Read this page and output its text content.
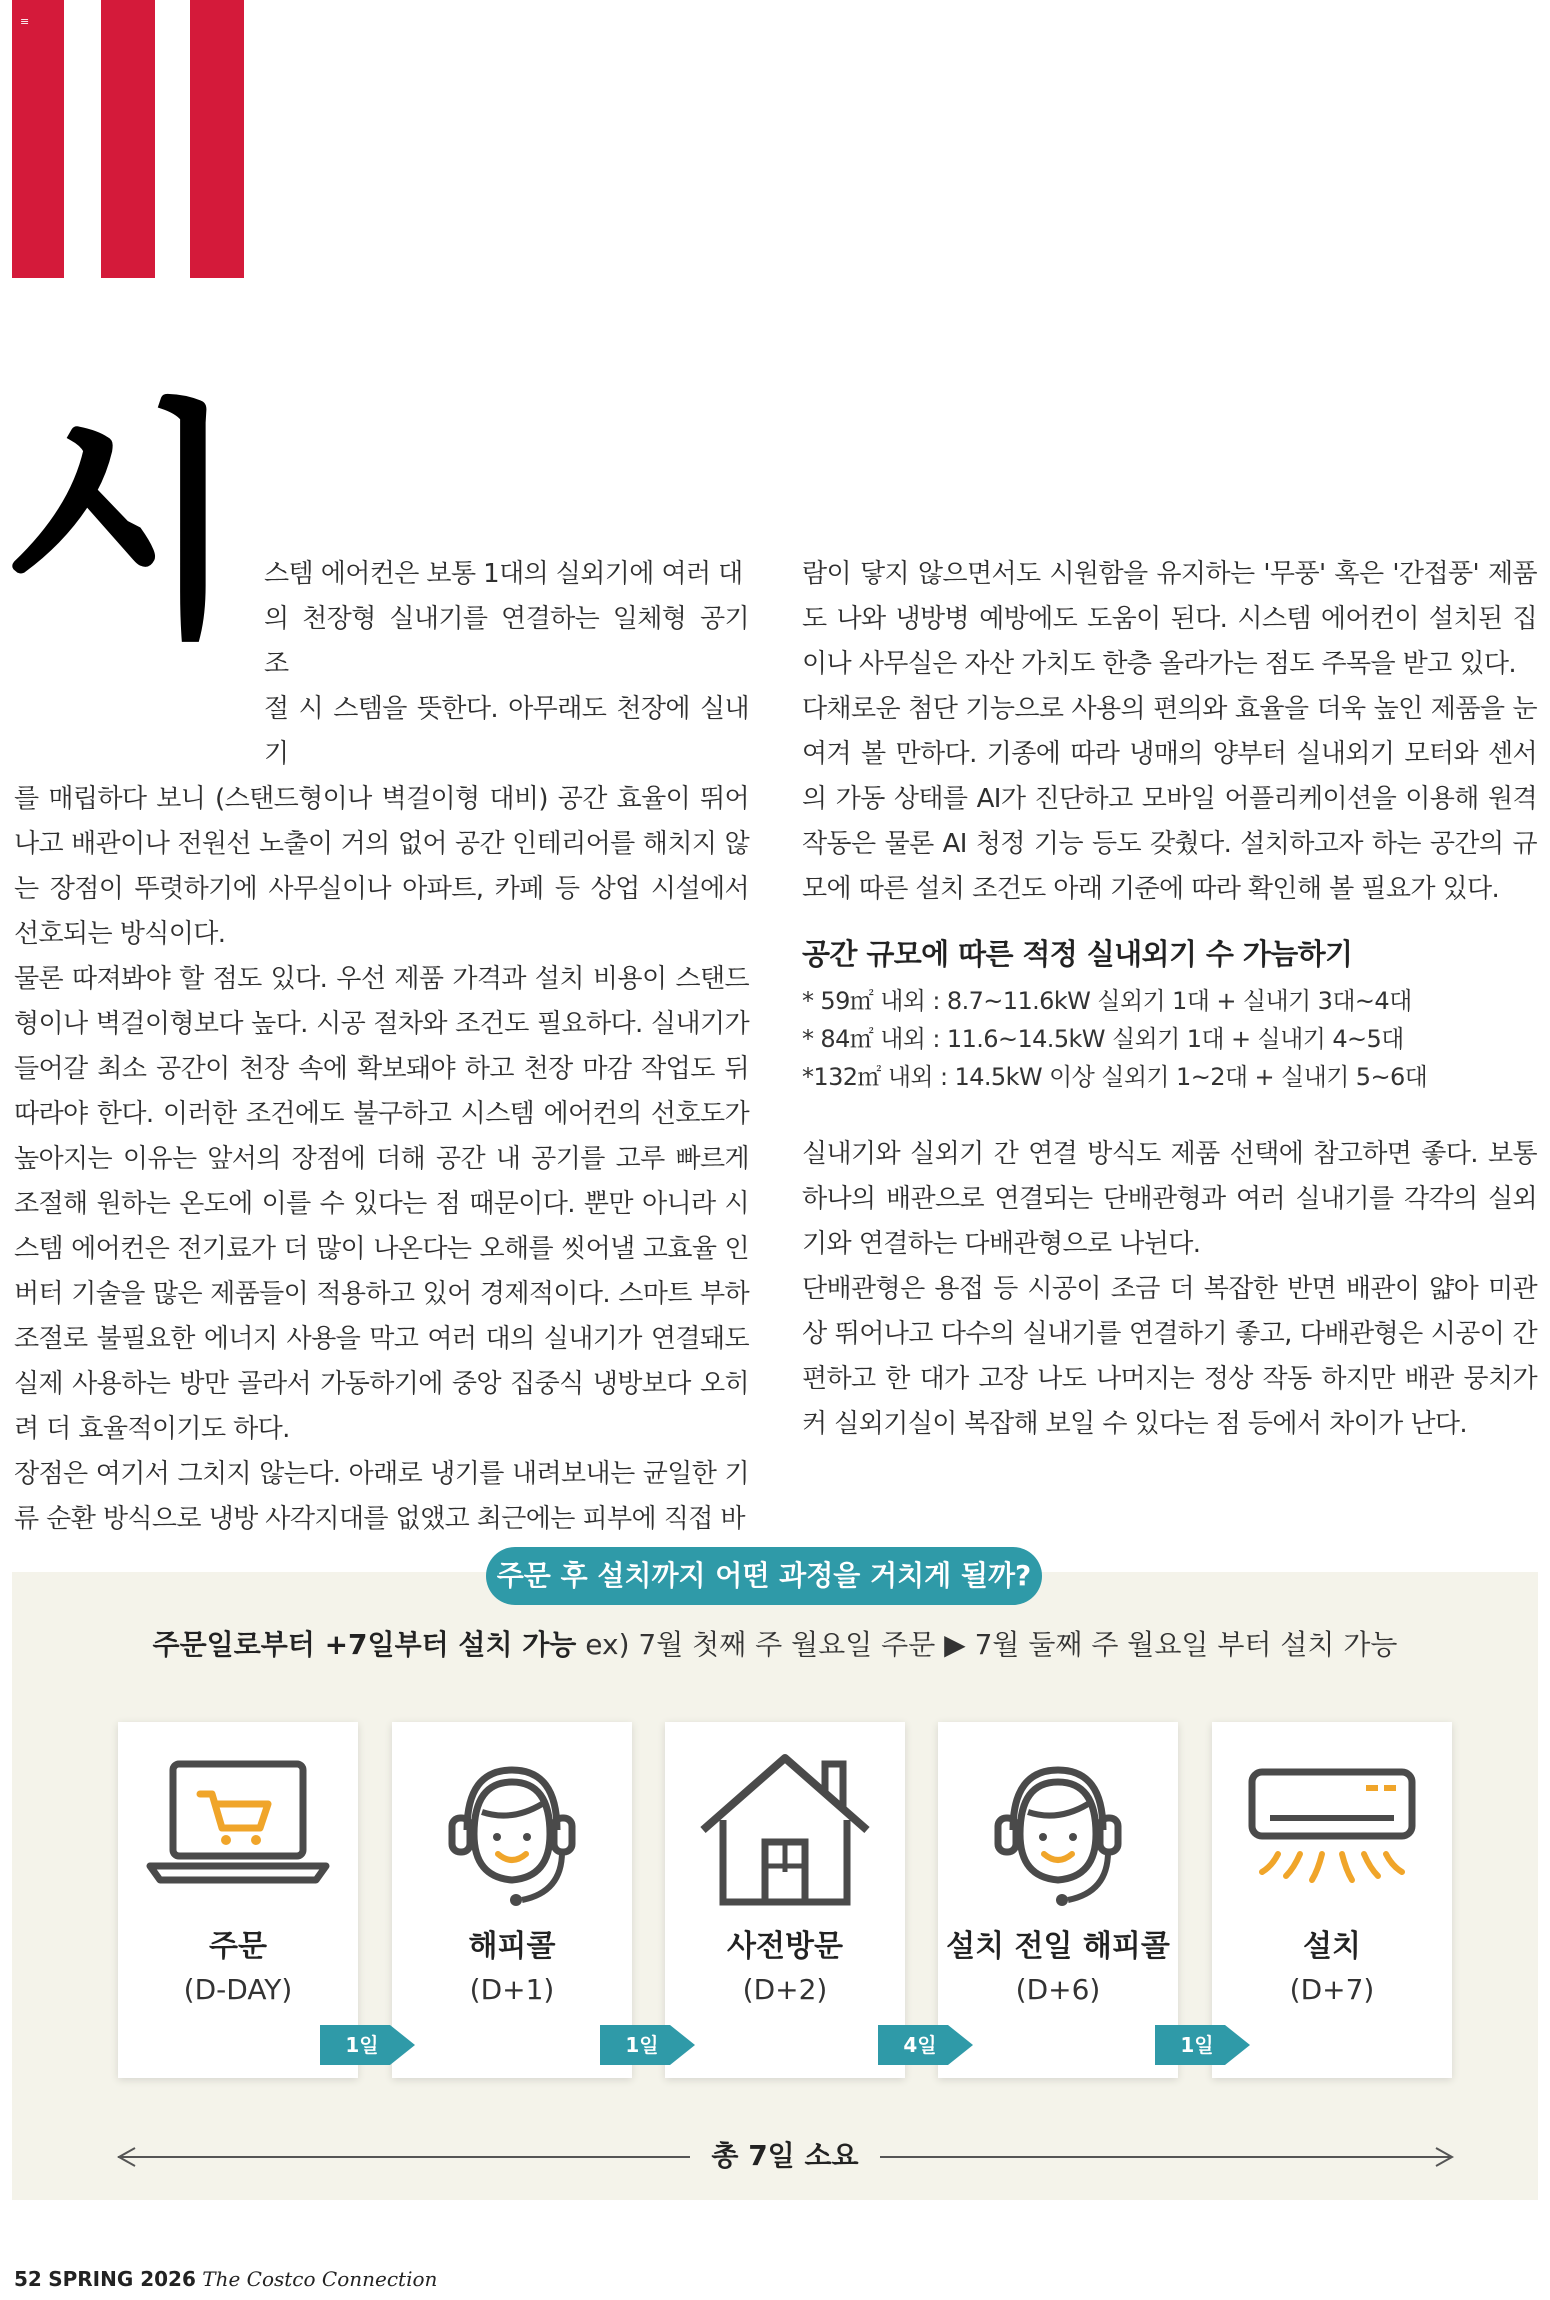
≡
시	스템 에어컨은 보통 1대의 실외기에 여러 대
의 천장형 실내기를 연결하는 일체형 공기 조
절 시 스템을 뜻한다. 아무래도 천장에 실내기
를 매립하다 보니 (스탠드형이나 벽걸이형 대비) 공간 효율이 뛰어나고 배관이나 전원선 노출이 거의 없어 공간 인테리어를 해치지 않는 장점이 뚜렷하기에 사무실이나 아파트, 카페 등 상업 시설에서 선호되는 방식이다.

물론 따져봐야 할 점도 있다. 우선 제품 가격과 설치 비용이 스탠드형이나 벽걸이형보다 높다. 시공 절차와 조건도 필요하다. 실내기가 들어갈 최소 공간이 천장 속에 확보돼야 하고 천장 마감 작업도 뒤따라야 한다. 이러한 조건에도 불구하고 시스템 에어컨의 선호도가 높아지는 이유는 앞서의 장점에 더해 공간 내 공기를 고루 빠르게 조절해 원하는 온도에 이를 수 있다는 점 때문이다. 뿐만 아니라 시스템 에어컨은 전기료가 더 많이 나온다는 오해를 씻어낼 고효율 인버터 기술을 많은 제품들이 적용하고 있어 경제적이다. 스마트 부하 조절로 불필요한 에너지 사용을 막고 여러 대의 실내기가 연결돼도 실제 사용하는 방만 골라서 가동하기에 중앙 집중식 냉방보다 오히려 더 효율적이기도 하다.

장점은 여기서 그치지 않는다. 아래로 냉기를 내려보내는 균일한 기류 순환 방식으로 냉방 사각지대를 없앴고 최근에는 피부에 직접 바

람이 닿지 않으면서도 시원함을 유지하는 '무풍' 혹은 '간접풍' 제품도 나와 냉방병 예방에도 도움이 된다. 시스템 에어컨이 설치된 집이나 사무실은 자산 가치도 한층 올라가는 점도 주목을 받고 있다.

다채로운 첨단 기능으로 사용의 편의와 효율을 더욱 높인 제품을 눈여겨 볼 만하다. 기종에 따라 냉매의 양부터 실내외기 모터와 센서의 가동 상태를 AI가 진단하고 모바일 어플리케이션을 이용해 원격 작동은 물론 AI 청정 기능 등도 갖췄다. 설치하고자 하는 공간의 규모에 따른 설치 조건도 아래 기준에 따라 확인해 볼 필요가 있다.

공간 규모에 따른 적정 실내외기 수 가늠하기

* 59㎡ 내외 : 8.7~11.6kW 실외기 1대 + 실내기 3대~4대

* 84㎡ 내외 : 11.6~14.5kW 실외기 1대 + 실내기 4~5대

*132㎡ 내외 : 14.5kW 이상 실외기 1~2대 + 실내기 5~6대

실내기와 실외기 간 연결 방식도 제품 선택에 참고하면 좋다. 보통 하나의 배관으로 연결되는 단배관형과 여러 실내기를 각각의 실외기와 연결하는 다배관형으로 나뉜다.

단배관형은 용접 등 시공이 조금 더 복잡한 반면 배관이 얇아 미관상 뛰어나고 다수의 실내기를 연결하기 좋고, 다배관형은 시공이 간편하고 한 대가 고장 나도 나머지는 정상 작동 하지만 배관 뭉치가 커 실외기실이 복잡해 보일 수 있다는 점 등에서 차이가 난다.

주문 후 설치까지 어떤 과정을 거치게 될까?
주문일로부터 +7일부터 설치 가능 ex) 7월 첫째 주 월요일 주문 ▶ 7월 둘째 주 월요일 부터 설치 가능
주문
(D-DAY)
해피콜
(D+1)
사전방문
(D+2)
설치 전일 해피콜
(D+6)
설치
(D+7)
1일	1일	4일	1일
총 7일 소요
52 SPRING 2026 The Costco Connection
